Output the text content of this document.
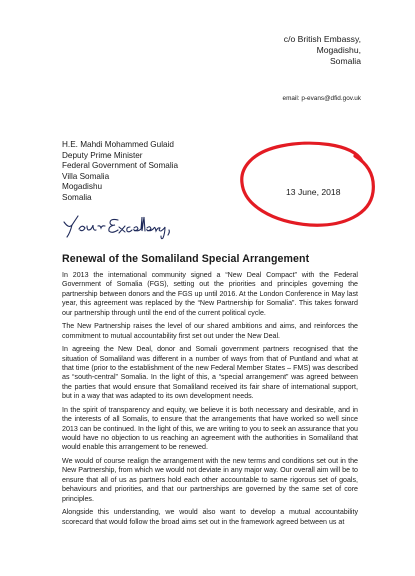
c/o British Embassy,
Mogadishu,
Somalia
email: p-evans@dfid.gov.uk
H.E. Mahdi Mohammed Gulaid
Deputy Prime Minister
Federal Government of Somalia
Villa Somalia
Mogadishu
Somalia
13 June, 2018
Renewal of the Somaliland Special Arrangement

In 2013 the international community signed a “New Deal Compact” with the Federal Government of Somalia (FGS), setting out the priorities and principles governing the partnership between donors and the FGS up until 2016. At the London Conference in May last year, this agreement was replaced by the “New Partnership for Somalia”. This takes forward our partnership through until the end of the current political cycle.

The New Partnership raises the level of our shared ambitions and aims, and reinforces the commitment to mutual accountability first set out under the New Deal.

In agreeing the New Deal, donor and Somali government partners recognised that the situation of Somaliland was different in a number of ways from that of Puntland and what at that time (prior to the establishment of the new Federal Member States – FMS) was described as “south-central” Somalia. In the light of this, a “special arrangement” was agreed between the parties that would ensure that Somaliland received its fair share of international support, but in a way that was adapted to its own development needs.

In the spirit of transparency and equity, we believe it is both necessary and desirable, and in the interests of all Somalis, to ensure that the arrangements that have worked so well since 2013 can be continued. In the light of this, we are writing to you to seek an assurance that you would have no objection to us reaching an agreement with the authorities in Somaliland that would enable this arrangement to be renewed.

We would of course realign the arrangement with the new terms and conditions set out in the New Partnership, from which we would not deviate in any major way. Our overall aim will be to ensure that all of us as partners hold each other accountable to same rigorous set of goals, behaviours and priorities, and that our partnerships are governed by the same set of core principles.

Alongside this understanding, we would also want to develop a mutual accountability scorecard that would follow the broad aims set out in the framework agreed between us at
